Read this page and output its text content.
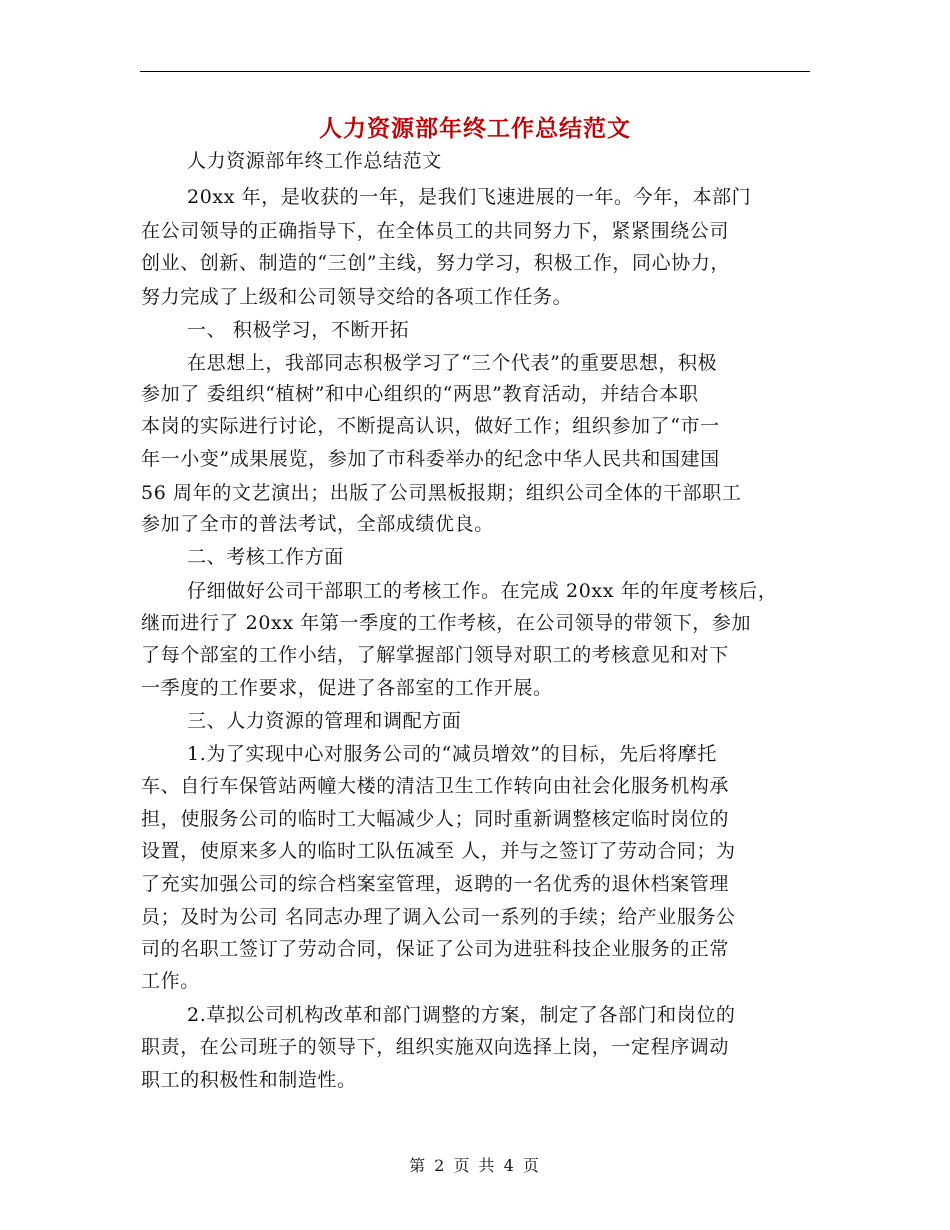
人力资源部年终工作总结范文
人力资源部年终工作总结范文
20xx 年，是收获的一年，是我们飞速进展的一年。今年，本部门
在公司领导的正确指导下，在全体员工的共同努力下，紧紧围绕公司
创业、创新、制造的“三创”主线，努力学习，积极工作，同心协力，
努力完成了上级和公司领导交给的各项工作任务。
一、 积极学习，不断开拓
在思想上，我部同志积极学习了“三个代表”的重要思想，积极
参加了 委组织“植树”和中心组织的“两思”教育活动，并结合本职
本岗的实际进行讨论，不断提高认识，做好工作；组织参加了“市一
年一小变”成果展览，参加了市科委举办的纪念中华人民共和国建国
56 周年的文艺演出；出版了公司黑板报期；组织公司全体的干部职工
参加了全市的普法考试，全部成绩优良。
二、考核工作方面
仔细做好公司干部职工的考核工作。在完成 20xx 年的年度考核后，
继而进行了 20xx 年第一季度的工作考核，在公司领导的带领下，参加
了每个部室的工作小结，了解掌握部门领导对职工的考核意见和对下
一季度的工作要求，促进了各部室的工作开展。
三、人力资源的管理和调配方面
1.为了实现中心对服务公司的“减员增效”的目标，先后将摩托
车、自行车保管站两幢大楼的清洁卫生工作转向由社会化服务机构承
担，使服务公司的临时工大幅减少人；同时重新调整核定临时岗位的
设置，使原来多人的临时工队伍减至 人，并与之签订了劳动合同；为
了充实加强公司的综合档案室管理，返聘的一名优秀的退休档案管理
员；及时为公司 名同志办理了调入公司一系列的手续；给产业服务公
司的名职工签订了劳动合同，保证了公司为进驻科技企业服务的正常
工作。
2.草拟公司机构改革和部门调整的方案，制定了各部门和岗位的
职责，在公司班子的领导下，组织实施双向选择上岗，一定程序调动
职工的积极性和制造性。
第 2 页 共 4 页
